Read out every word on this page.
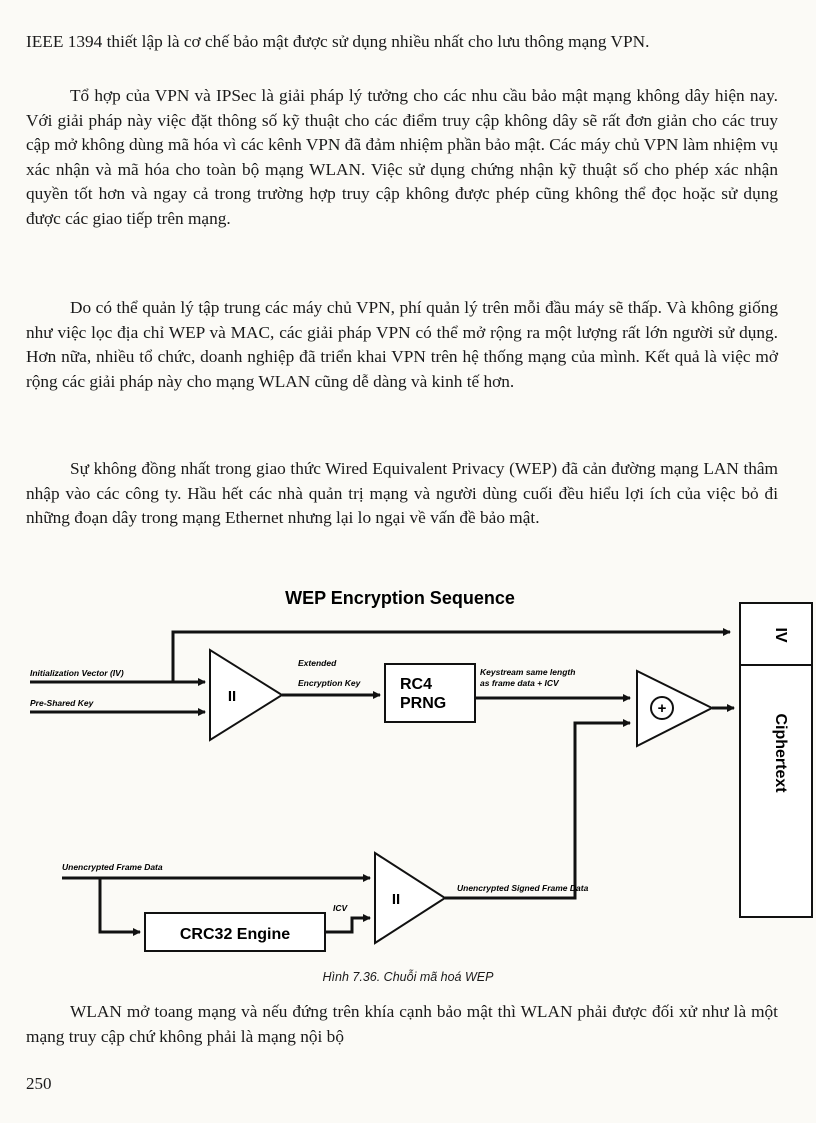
IEEE 1394 thiết lập là cơ chế bảo mật được sử dụng nhiều nhất cho lưu thông mạng VPN.

Tổ hợp của VPN và IPSec là giải pháp lý tưởng cho các nhu cầu bảo mật mạng không dây hiện nay. Với giải pháp này việc đặt thông số kỹ thuật cho các điểm truy cập không dây sẽ rất đơn giản cho các truy cập mở không dùng mã hóa vì các kênh VPN đã đảm nhiệm phần bảo mật. Các máy chủ VPN làm nhiệm vụ xác nhận và mã hóa cho toàn bộ mạng WLAN. Việc sử dụng chứng nhận kỹ thuật số cho phép xác nhận quyền tốt hơn và ngay cả trong trường hợp truy cập không được phép cũng không thể đọc hoặc sử dụng được các giao tiếp trên mạng.

Do có thể quản lý tập trung các máy chủ VPN, phí quản lý trên mỗi đầu máy sẽ thấp. Và không giống như việc lọc địa chỉ WEP và MAC, các giải pháp VPN có thể mở rộng ra một lượng rất lớn người sử dụng. Hơn nữa, nhiều tổ chức, doanh nghiệp đã triển khai VPN trên hệ thống mạng của mình. Kết quả là việc mở rộng các giải pháp này cho mạng WLAN cũng dễ dàng và kinh tế hơn.

Sự không đồng nhất trong giao thức Wired Equivalent Privacy (WEP) đã cản đường mạng LAN thâm nhập vào các công ty. Hầu hết các nhà quản trị mạng và người dùng cuối đều hiểu lợi ích của việc bỏ đi những đoạn dây trong mạng Ethernet nhưng lại lo ngại về vấn đề bảo mật.

WEP Encryption Sequence
Initialization Vector (IV)
Pre-Shared Key	II
Extended
Encryption Key RC4
PRNG
Keystream same length
as frame data + ICV
+
IV
Ciphertext
Unencrypted Frame Data
CRC32 Engine
ICV	II
Unencrypted Signed Frame Data

Hình 7.36. Chuỗi mã hoá WEP

WLAN mở toang mạng và nếu đứng trên khía cạnh bảo mật thì WLAN phải được đối xử như là một mạng truy cập chứ không phải là mạng nội bộ

250
